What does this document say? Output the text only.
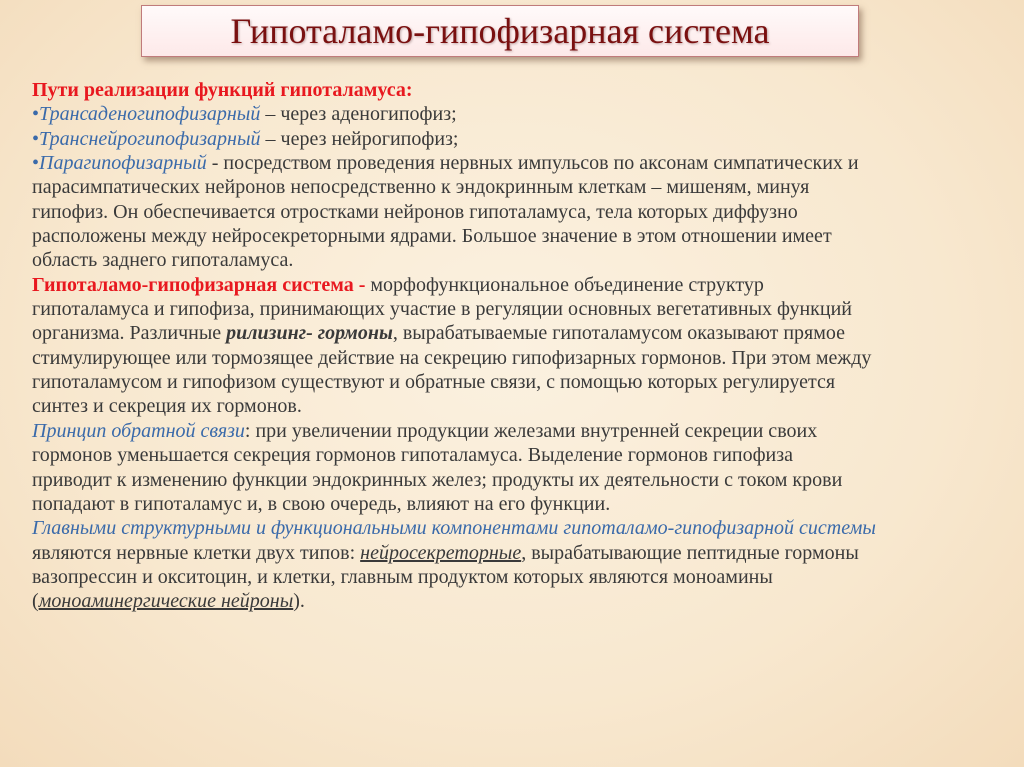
Гипоталамо-гипофизарная система
Пути реализации функций гипоталамуса:
•Трансаденогипофизарный – через аденогипофиз;
•Транснейрогипофизарный – через нейрогипофиз;
•Парагипофизарный - посредством проведения нервных импульсов по аксонам симпатических и
парасимпатических нейронов непосредственно к эндокринным клеткам – мишеням, минуя
гипофиз. Он обеспечивается отростками нейронов гипоталамуса, тела которых диффузно
расположены между нейросекреторными ядрами. Большое значение в этом отношении имеет
область заднего гипоталамуса.
Гипоталамо-гипофизарная система - морфофункциональное объединение структур
гипоталамуса и гипофиза, принимающих участие в регуляции основных вегетативных функций
организма. Различные рилизинг- гормоны, вырабатываемые гипоталамусом оказывают прямое
стимулирующее или тормозящее действие на секрецию гипофизарных гормонов. При этом между
гипоталамусом и гипофизом существуют и обратные связи, с помощью которых регулируется
синтез и секреция их гормонов.
Принцип обратной связи: при увеличении продукции железами внутренней секреции своих
гормонов уменьшается секреция гормонов гипоталамуса. Выделение гормонов гипофиза
приводит к изменению функции эндокринных желез; продукты их деятельности с током крови
попадают в гипоталамус и, в свою очередь, влияют на его функции.
Главными структурными и функциональными компонентами гипоталамо-гипофизарной системы
являются нервные клетки двух типов: нейросекреторные, вырабатывающие пептидные гормоны
вазопрессин и окситоцин, и клетки, главным продуктом которых являются моноамины
(моноаминергические нейроны).
